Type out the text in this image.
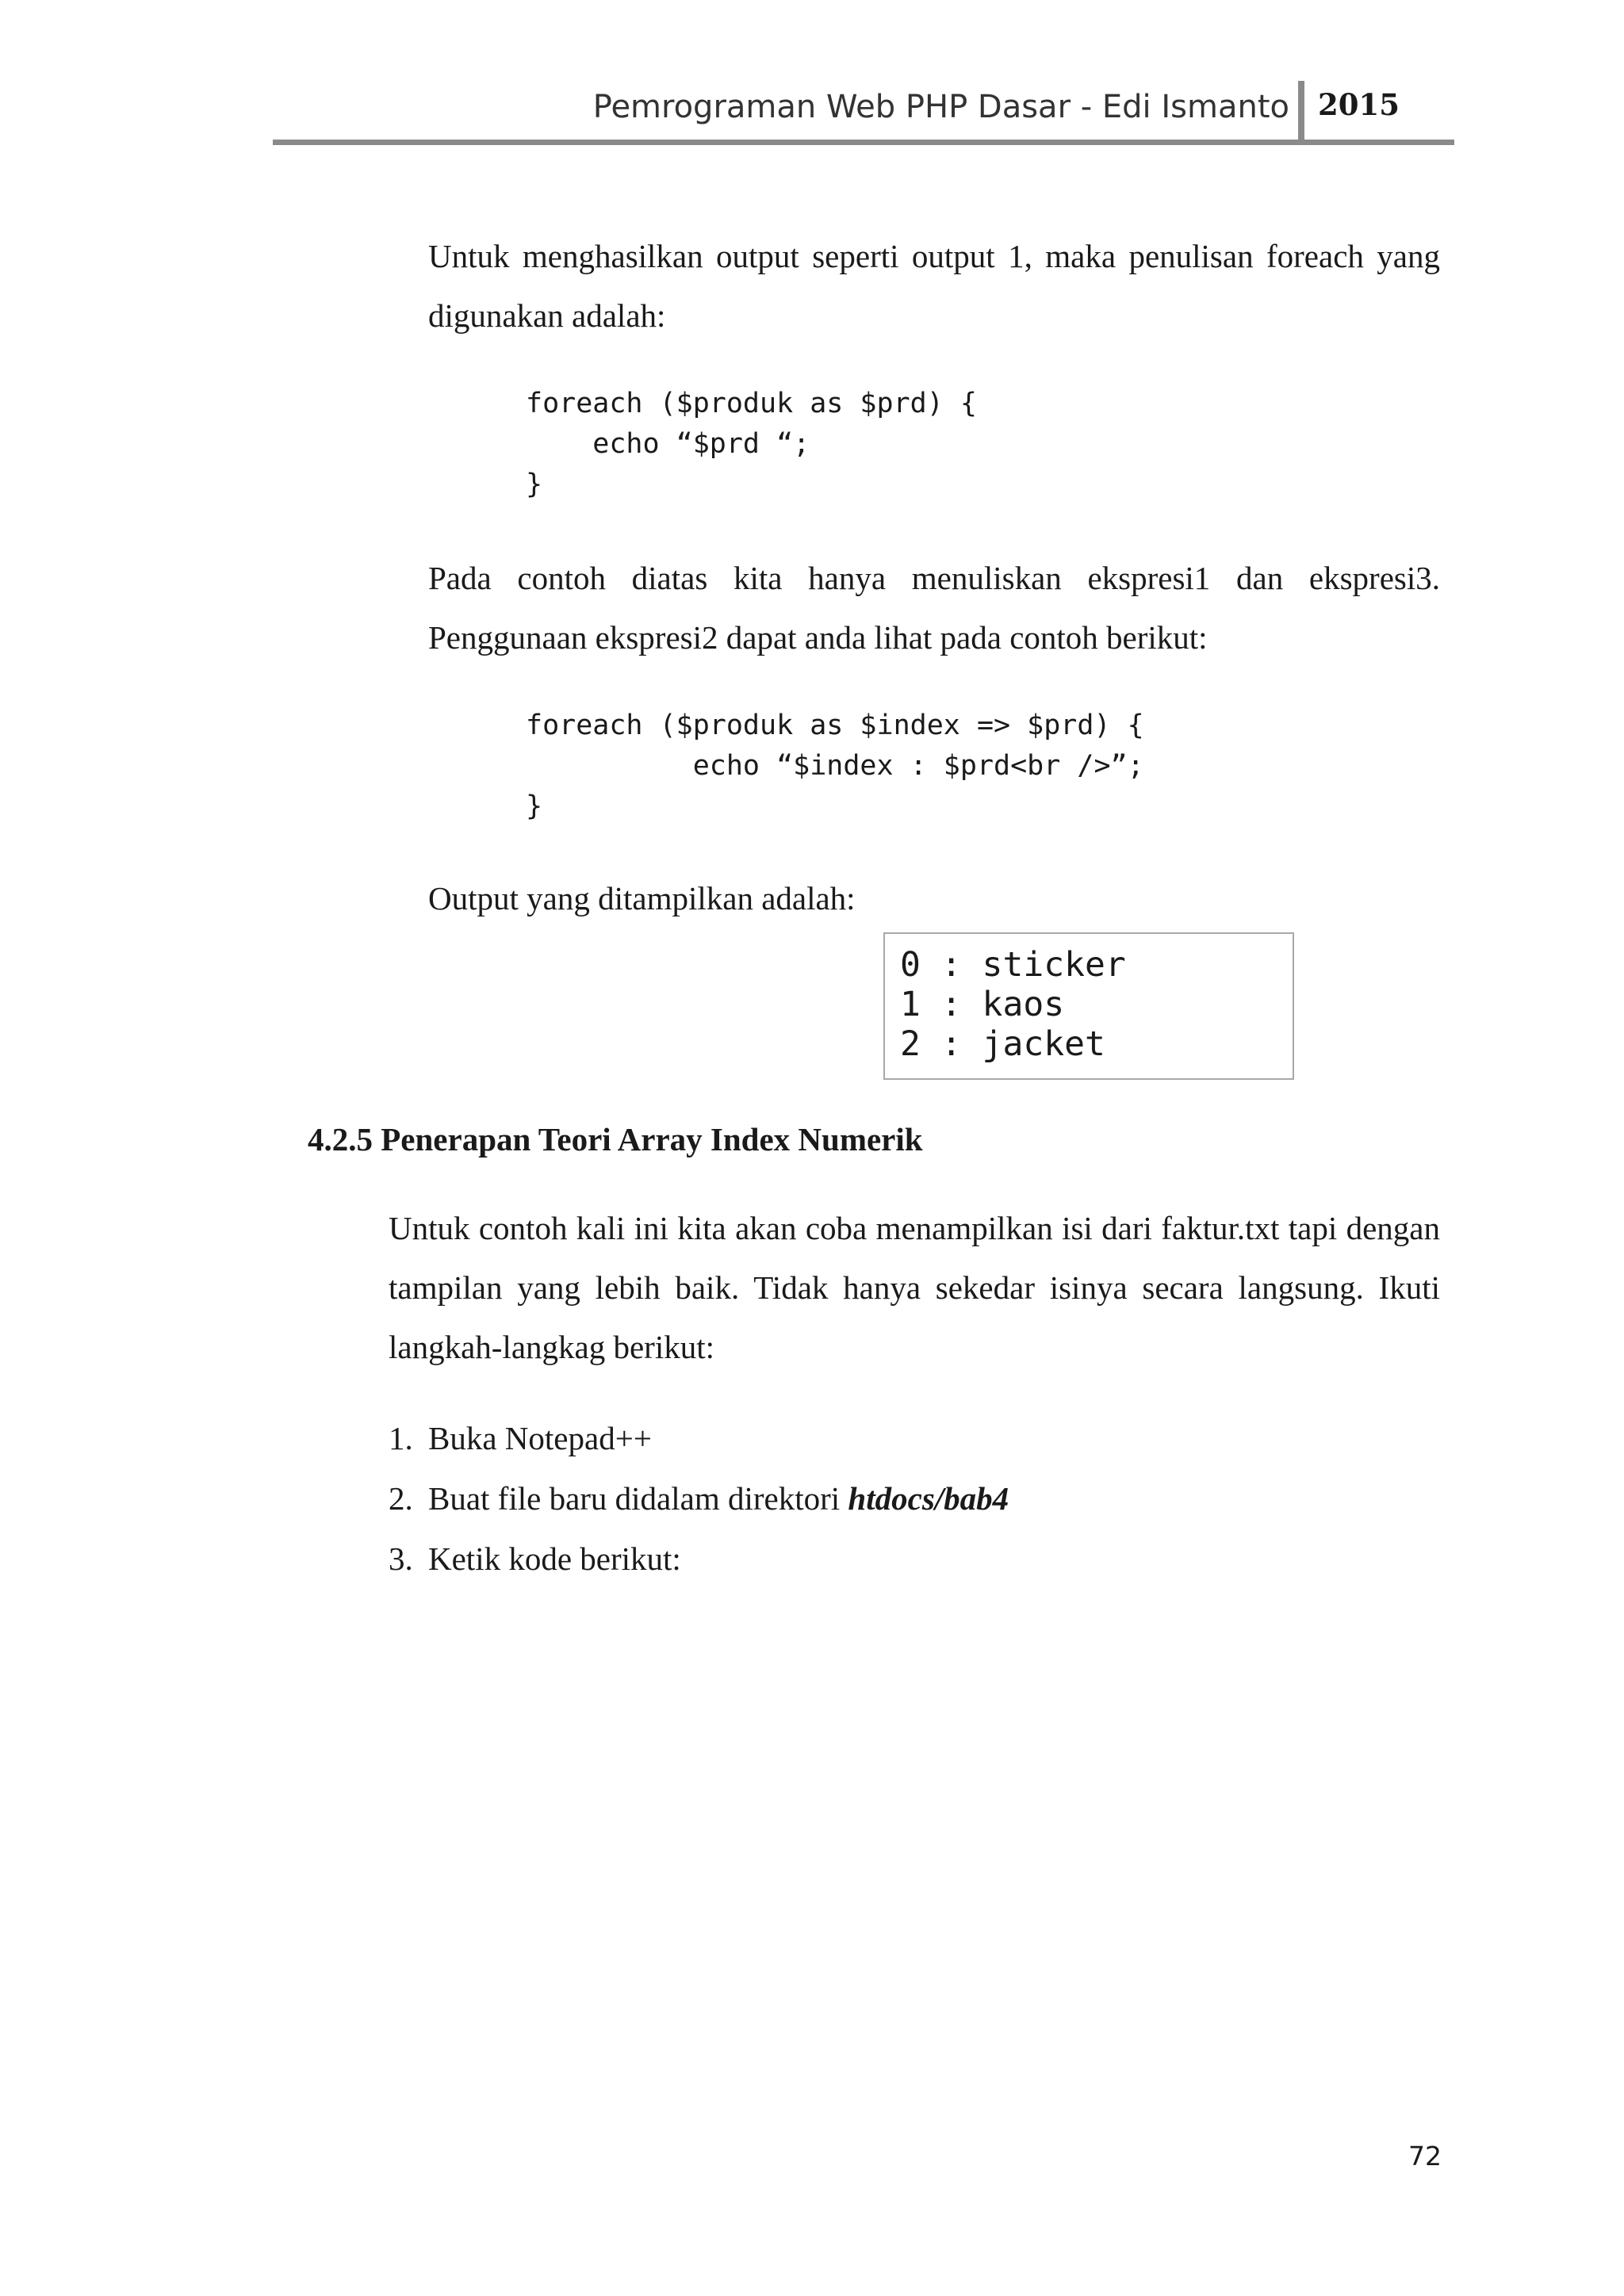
Pemrograman Web PHP Dasar - Edi Ismanto 2015

Untuk menghasilkan output seperti output 1, maka penulisan foreach yang
digunakan adalah:

foreach ($produk as $prd) {
echo “$prd “;
}

Pada contoh diatas kita hanya menuliskan ekspresi1 dan ekspresi3.
Penggunaan ekspresi2 dapat anda lihat pada contoh berikut:

foreach ($produk as $index => $prd) {
echo “$index : $prd<br />”;
}

Output yang ditampilkan adalah:

0 : sticker
1 : kaos
2 : jacket
4.2.5 Penerapan Teori Array Index Numerik

Untuk contoh kali ini kita akan coba menampilkan isi dari faktur.txt tapi dengan
tampilan yang lebih baik. Tidak hanya sekedar isinya secara langsung. Ikuti
langkah-langkag berikut:

1. Buka Notepad++
2. Buat file baru didalam direktori htdocs/bab4
3. Ketik kode berikut:
72
